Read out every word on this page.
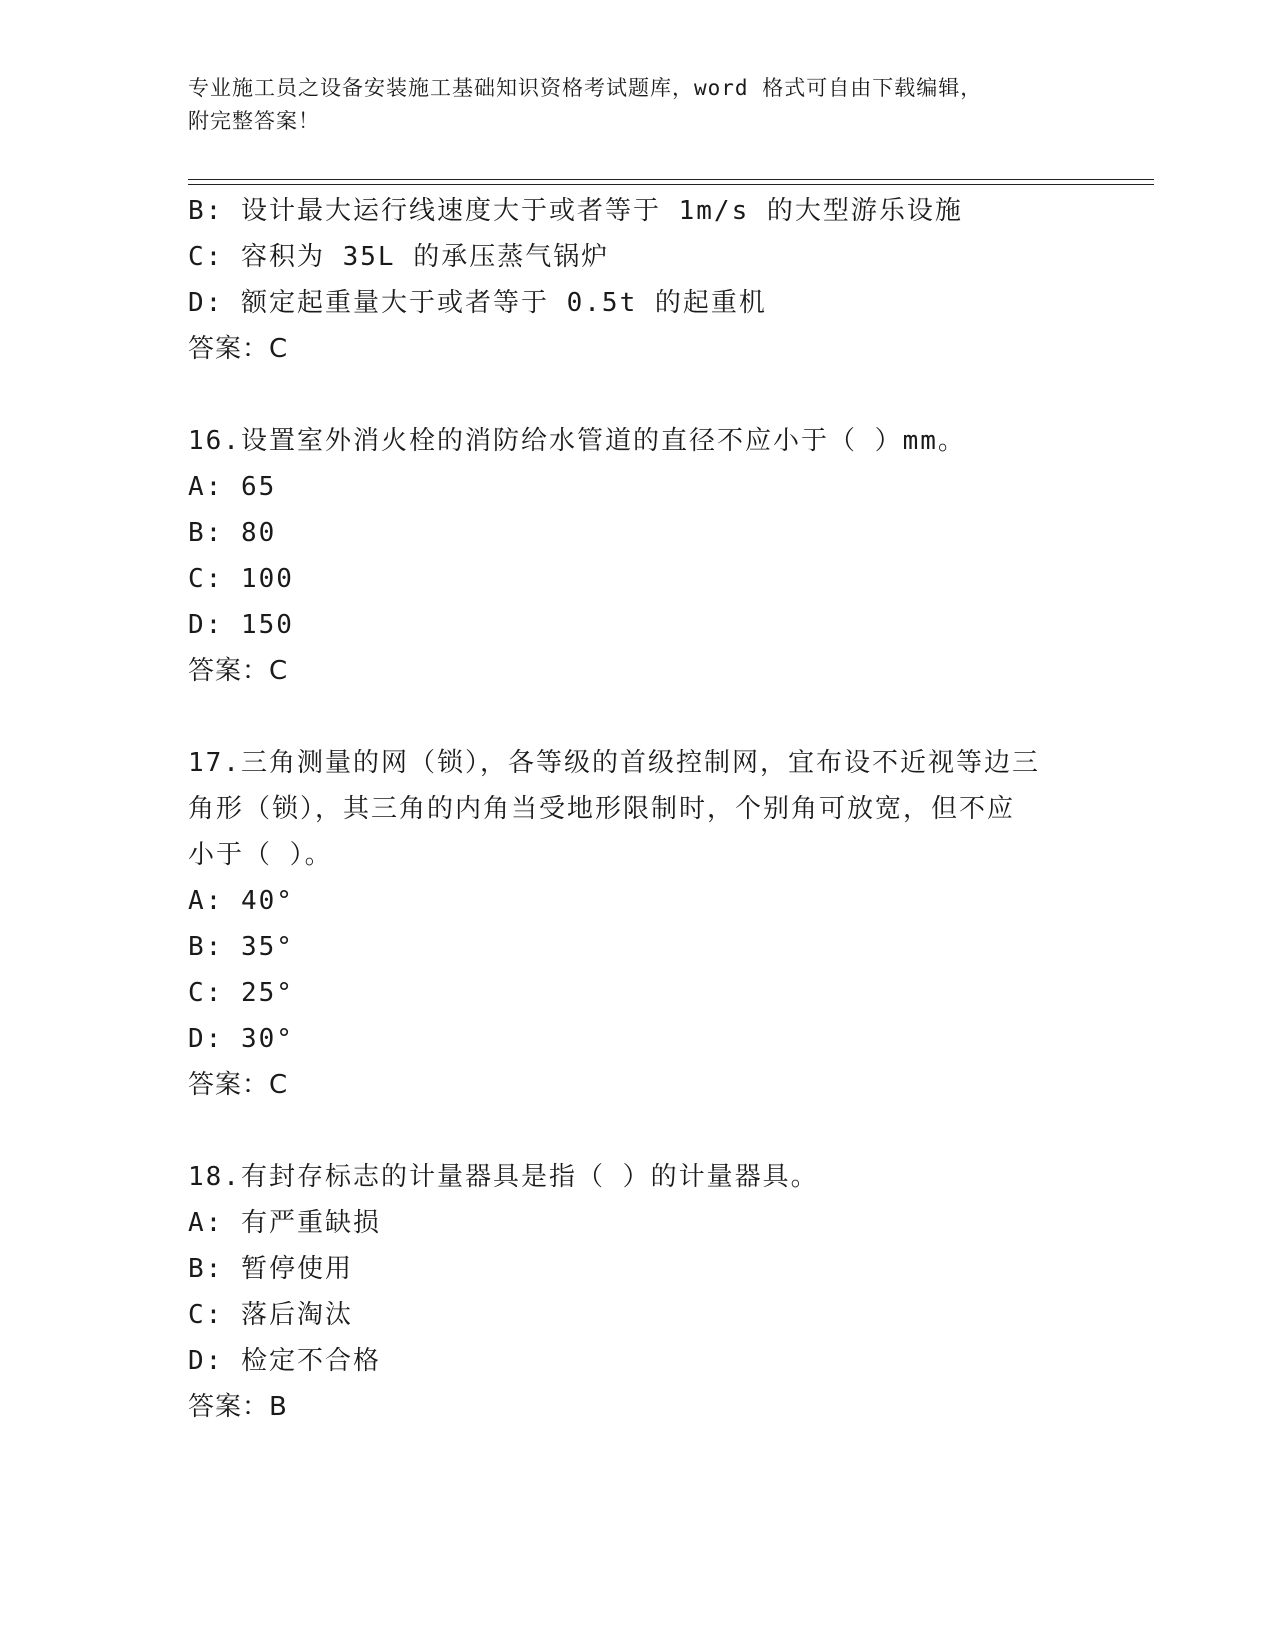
专业施工员之设备安装施工基础知识资格考试题库，word 格式可自由下载编辑，
附完整答案！
B: 设计最大运行线速度大于或者等于 1m/s 的大型游乐设施
C: 容积为 35L 的承压蒸气锅炉
D: 额定起重量大于或者等于 0.5t 的起重机
答案：C
16.设置室外消火栓的消防给水管道的直径不应小于（ ）mm。
A: 65
B: 80
C: 100
D: 150
答案：C
17.三角测量的网（锁），各等级的首级控制网，宜布设不近视等边三
角形（锁），其三角的内角当受地形限制时，个别角可放宽，但不应
小于（ ）。
A: 40°
B: 35°
C: 25°
D: 30°
答案：C
18.有封存标志的计量器具是指（ ）的计量器具。
A: 有严重缺损
B: 暂停使用
C: 落后淘汰
D: 检定不合格
答案：B
